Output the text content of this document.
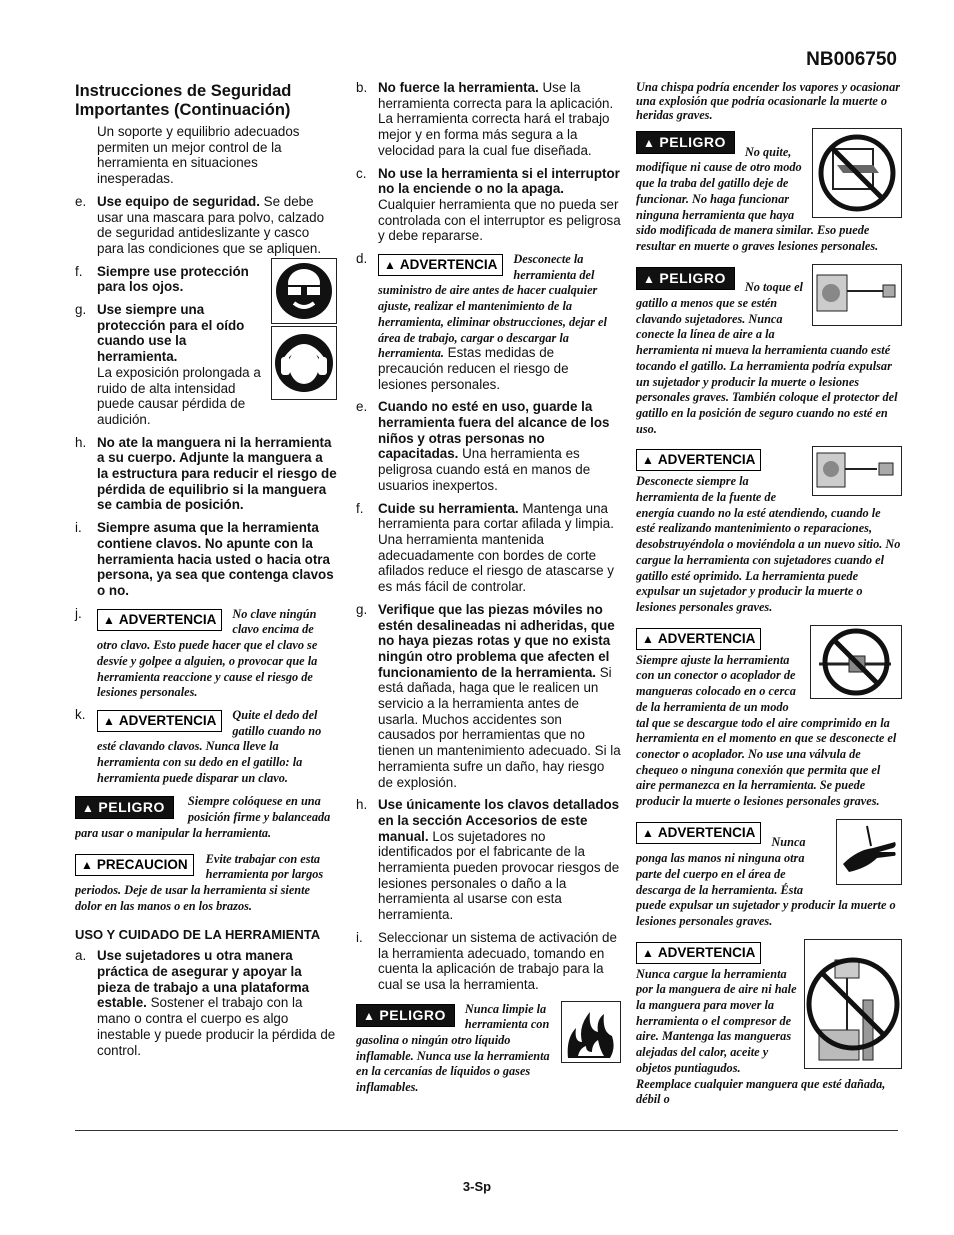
NB006750
Instrucciones de Seguridad Importantes (Continuación)
Un soporte y equilibrio adecuados permiten un mejor control de la herramienta en situaciones inesperadas.
e. Use equipo de seguridad. Se debe usar una mascara para polvo, calzado de seguridad antideslizante y casco para las condiciones que se apliquen.
f.	Siempre use protección para los ojos.
g. Use siempre una protección para el oído cuando use la herramienta.
La exposición prolongada a ruido de alta intensidad puede causar pérdida de audición.
h. No ate la manguera ni la herramienta a su cuerpo. Adjunte la manguera a la estructura para reducir el riesgo de pérdida de equilibrio si la manguera se cambia de posición.
i.	Siempre asuma que la herramienta contiene clavos. No apunte con la herramienta hacia usted o hacia otra persona, ya sea que contenga clavos o no.
j.	▲ ADVERTENCIA	No clave ningún clavo encima de otro clavo. Esto puede hacer que el clavo se desvíe y golpee a alguien, o provocar que la herramienta reaccione y cause el riesgo de lesiones personales.
k.	▲ ADVERTENCIA	Quite el dedo del gatillo cuando no esté clavando clavos. Nunca lleve la herramienta con su dedo en el gatillo: la herramienta puede disparar un clavo.
▲ PELIGRO	Siempre colóquese en una posición firme y balanceada para usar o manipular la herramienta.
▲ PRECAUCION	Evite trabajar con esta herramienta por largos periodos. Deje de usar la herramienta si siente dolor en las manos o en los brazos.
USO Y CUIDADO DE LA HERRAMIENTA
a. Use sujetadores u otra manera práctica de asegurar y apoyar la pieza de trabajo a una plataforma estable. Sostener el trabajo con la mano o contra el cuerpo es algo inestable y puede producir la pérdida de control.
b. No fuerce la herramienta. Use la herramienta correcta para la aplicación. La herramienta correcta hará el trabajo mejor y en forma más segura a la velocidad para la cual fue diseñada.
c. No use la herramienta si el interruptor no la enciende o no la apaga. Cualquier herramienta que no pueda ser controlada con el interruptor es peligrosa y debe repararse.
d.	▲ ADVERTENCIA	Desconecte la herramienta del suministro de aire antes de hacer cualquier ajuste, realizar el mantenimiento de la herramienta, eliminar obstrucciones, dejar el área de trabajo, cargar o descargar la herramienta. Estas medidas de precaución reducen el riesgo de lesiones personales.
e. Cuando no esté en uso, guarde la herramienta fuera del alcance de los niños y otras personas no capacitadas. Una herramienta es peligrosa cuando está en manos de usuarios inexpertos.
f.	Cuide su herramienta. Mantenga una herramienta para cortar afilada y limpia. Una herramienta mantenida adecuadamente con bordes de corte afilados reduce el riesgo de atascarse y es más fácil de controlar.
g. Verifique que las piezas móviles no estén desalineadas ni adheridas, que no haya piezas rotas y que no exista ningún otro problema que afecten el funcionamiento de la herramienta. Si está dañada, haga que le realicen un servicio a la herramienta antes de usarla. Muchos accidentes son causados por herramientas que no tienen un mantenimiento adecuado. Si la herramienta sufre un daño, hay riesgo de explosión.
h. Use únicamente los clavos detallados en la sección Accesorios de este manual. Los sujetadores no identificados por el fabricante de la herramienta pueden provocar riesgos de lesiones personales o daño a la herramienta al usarse con esta herramienta.
i.	Seleccionar un sistema de activación de la herramienta adecuado, tomando en cuenta la aplicación de trabajo para la cual se usa la herramienta.
▲ PELIGRO	Nunca limpie la herramienta con gasolina o ningún otro líquido inflamable. Nunca use la herramienta en la cercanías de líquidos o gases inflamables.
Una chispa podría encender los vapores y ocasionar una explosión que podría ocasionarle la muerte o heridas graves.
▲ PELIGRO

No quite, modifique ni cause de otro modo que la traba del gatillo deje de funcionar. No haga funcionar ninguna herramienta que haya sido modificada de manera similar. Eso puede resultar en muerte o graves lesiones personales.
▲ PELIGRO

No toque el gatillo a menos que se estén clavando sujetadores. Nunca conecte la línea de aire a la herramienta ni mueva la herramienta cuando esté tocando el gatillo. La herramienta podría expulsar un sujetador y producir la muerte o lesiones personales graves. También coloque el protector del gatillo en la posición de seguro cuando no esté en uso.
▲ ADVERTENCIA

Desconecte siempre la herramienta de la fuente de energía cuando no la esté atendiendo, cuando le esté realizando mantenimiento o reparaciones, desobstruyéndola o moviéndola a un nuevo sitio. No cargue la herramienta con sujetadores cuando el gatillo esté oprimido. La herramienta puede expulsar un sujetador y producir la muerte o lesiones personales graves.
▲ ADVERTENCIA

Siempre ajuste la herramienta con un conector o acoplador de mangueras colocado en o cerca de la herramienta de un modo tal que se descargue todo el aire comprimido en la herramienta en el momento en que se desconecte el conector o acoplador. No use una válvula de chequeo o ninguna conexión que permita que el aire permanezca en la herramienta. Se puede producir la muerte o lesiones personales graves.
▲ ADVERTENCIA

Nunca ponga las manos ni ninguna otra parte del cuerpo en el área de descarga de la herramienta. Ésta puede expulsar un sujetador y producir la muerte o lesiones personales graves.
▲ ADVERTENCIA

Nunca cargue la herramienta por la manguera de aire ni hale la manguera para mover la herramienta o el compresor de aire. Mantenga las mangueras alejadas del calor, aceite y objetos puntiagudos. Reemplace cualquier manguera que esté dañada, débil o
3-Sp
